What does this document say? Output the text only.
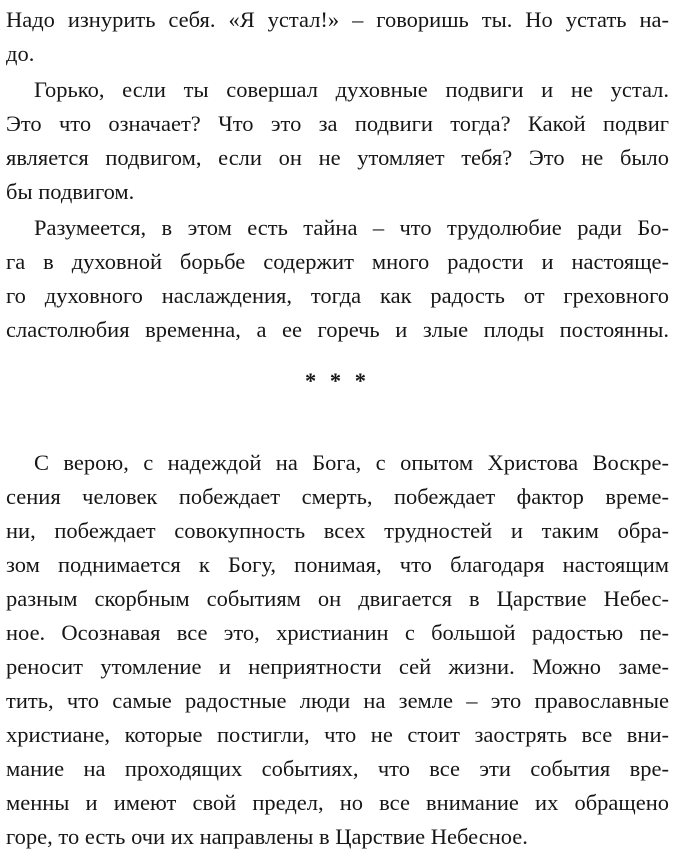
Надо изнурить себя. «Я устал!» – говоришь ты. Но устать на-
до.
Горько, если ты совершал духовные подвиги и не устал.
Это что означает? Что это за подвиги тогда? Какой подвиг
является подвигом, если он не утомляет тебя? Это не было
бы подвигом.
Разумеется, в этом есть тайна – что трудолюбие ради Бо-
га в духовной борьбе содержит много радости и настояще-
го духовного наслаждения, тогда как радость от греховного
сластолюбия временна, а ее горечь и злые плоды постоянны.
* * *
С верою, с надеждой на Бога, с опытом Христова Воскре-
сения человек побеждает смерть, побеждает фактор време-
ни, побеждает совокупность всех трудностей и таким обра-
зом поднимается к Богу, понимая, что благодаря настоящим
разным скорбным событиям он двигается в Царствие Небес-
ное. Осознавая все это, христианин с большой радостью пе-
реносит утомление и неприятности сей жизни. Можно заме-
тить, что самые радостные люди на земле – это православные
христиане, которые постигли, что не стоит заострять все вни-
мание на проходящих событиях, что все эти события вре-
менны и имеют свой предел, но все внимание их обращено
горе, то есть очи их направлены в Царствие Небесное.
